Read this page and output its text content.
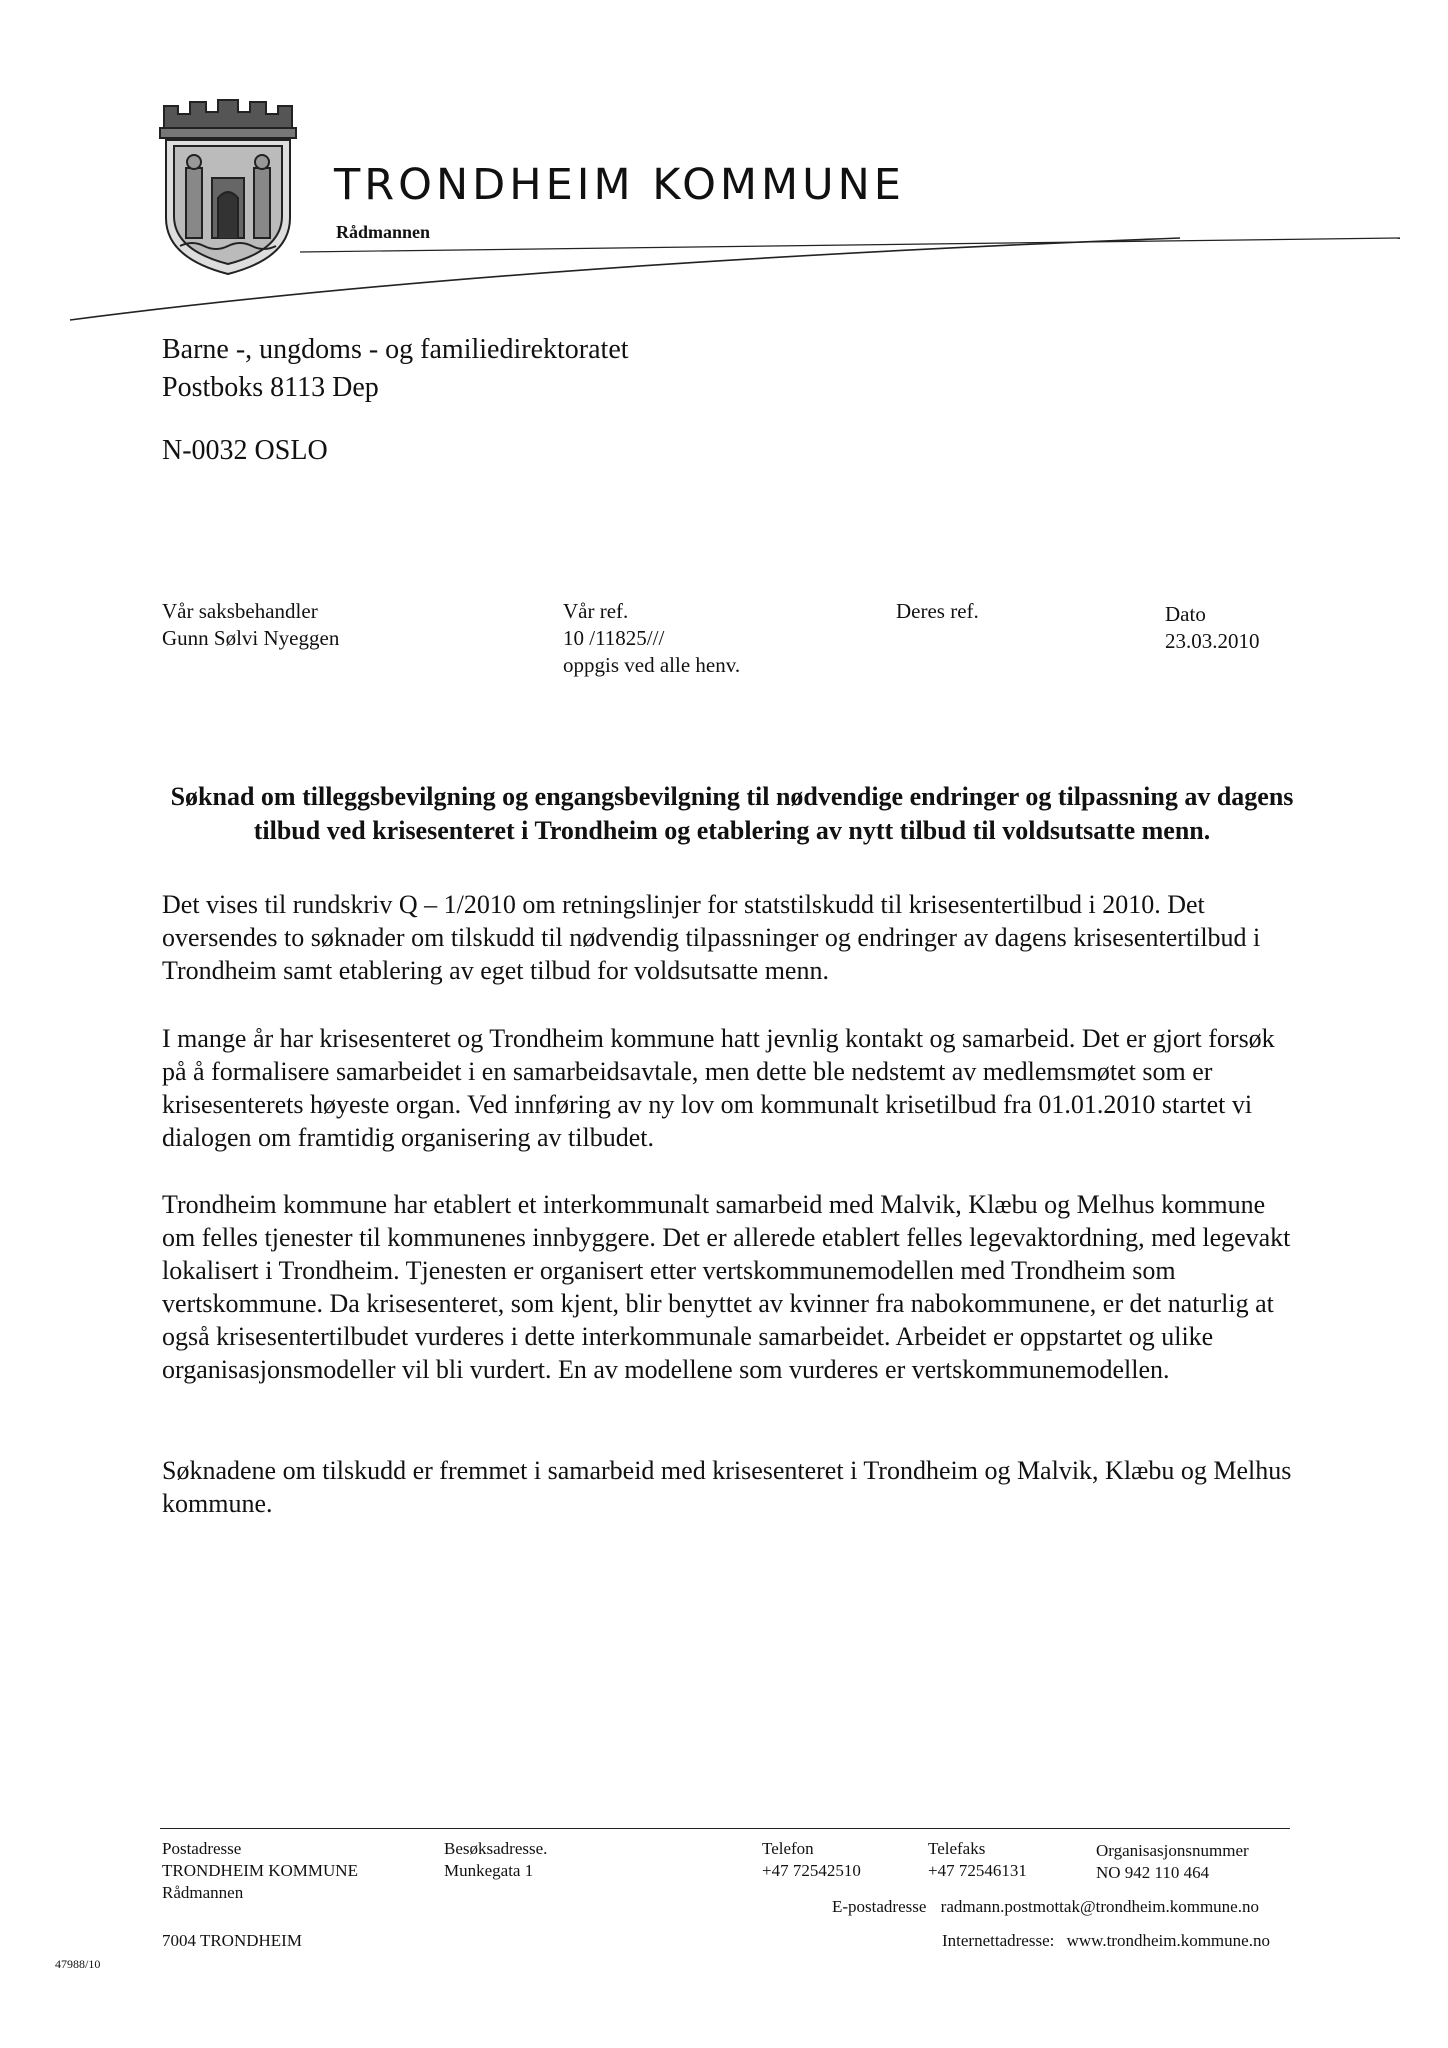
TRONDHEIM KOMMUNE
Rådmannen
Barne -, ungdoms - og familiedirektoratet
Postboks 8113 Dep
N-0032 OSLO
Vår saksbehandler
Gunn Sølvi Nyeggen
Vår ref.
10 /11825///
oppgis ved alle henv.
Deres ref.	Dato
23.03.2010
Søknad om tilleggsbevilgning og engangsbevilgning til nødvendige endringer og tilpassning av dagens tilbud ved krisesenteret i Trondheim og etablering av nytt tilbud til voldsutsatte menn.

Det vises til rundskriv Q – 1/2010 om retningslinjer for statstilskudd til krisesentertilbud i 2010. Det oversendes to søknader om tilskudd til nødvendig tilpassninger og endringer av dagens krisesentertilbud i Trondheim samt etablering av eget tilbud for voldsutsatte menn.

I mange år har krisesenteret og Trondheim kommune hatt jevnlig kontakt og samarbeid. Det er gjort forsøk på å formalisere samarbeidet i en samarbeidsavtale, men dette ble nedstemt av medlemsmøtet som er krisesenterets høyeste organ. Ved innføring av ny lov om kommunalt krisetilbud fra 01.01.2010 startet vi dialogen om framtidig organisering av tilbudet.

Trondheim kommune har etablert et interkommunalt samarbeid med Malvik, Klæbu og Melhus kommune om felles tjenester til kommunenes innbyggere. Det er allerede etablert felles legevaktordning, med legevakt lokalisert i Trondheim. Tjenesten er organisert etter vertskommunemodellen med Trondheim som vertskommune. Da krisesenteret, som kjent, blir benyttet av kvinner fra nabokommunene, er det naturlig at også krisesentertilbudet vurderes i dette interkommunale samarbeidet. Arbeidet er oppstartet og ulike organisasjonsmodeller vil bli vurdert. En av modellene som vurderes er vertskommunemodellen.

Søknadene om tilskudd er fremmet i samarbeid med krisesenteret i Trondheim og Malvik, Klæbu og Melhus kommune.

Postadresse
TRONDHEIM KOMMUNE
Rådmannen
7004 TRONDHEIM
Besøksadresse.
Munkegata 1
Telefon
+47 72542510
Telefaks
+47 72546131
Organisasjonsnummer
NO 942 110 464
E-postadresse radmann.postmottak@trondheim.kommune.no
Internettadresse: www.trondheim.kommune.no
47988/10
